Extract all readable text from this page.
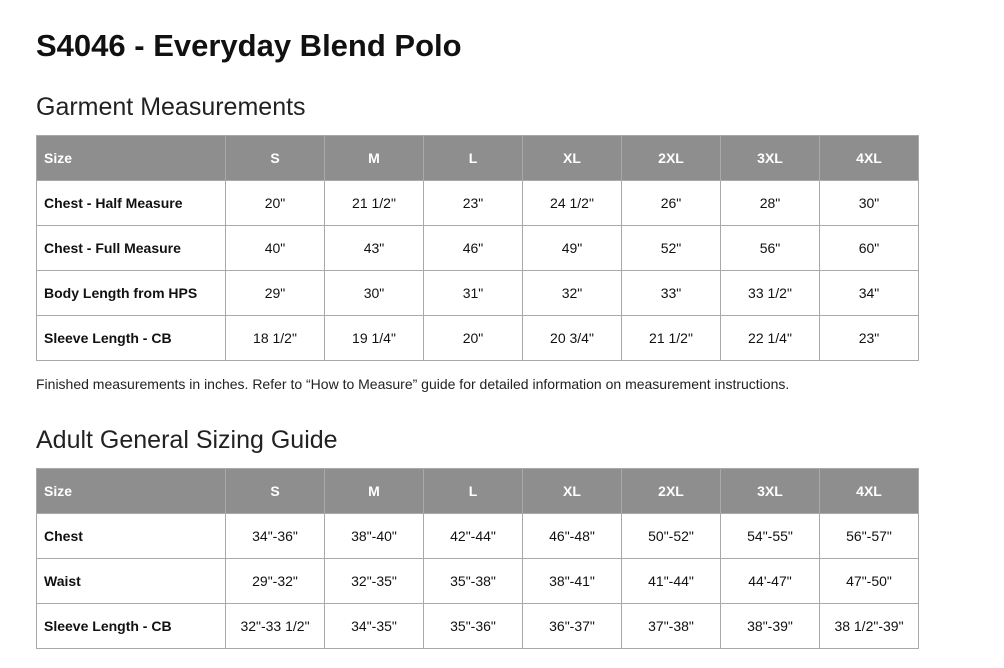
S4046 - Everyday Blend Polo
Garment Measurements
Size	S	M	L	XL	2XL	3XL	4XL
Chest - Half Measure	20"	21 1/2"	23"	24 1/2"	26"	28"	30"
Chest - Full Measure	40"	43"	46"	49"	52"	56"	60"
Body Length from HPS	29"	30"	31"	32"	33"	33 1/2"	34"
Sleeve Length - CB	18 1/2"	19 1/4"	20"	20 3/4"	21 1/2"	22 1/4"	23"

Finished measurements in inches. Refer to “How to Measure” guide for detailed information on measurement instructions.

Adult General Sizing Guide
Size	S	M	L	XL	2XL	3XL	4XL
Chest	34"-36"	38"-40"	42"-44"	46"-48"	50"-52"	54"-55"	56"-57"
Waist	29"-32"	32"-35"	35"-38"	38"-41"	41"-44"	44'-47"	47"-50"
Sleeve Length - CB	32"-33 1/2"	34"-35"	35"-36"	36"-37"	37"-38"	38"-39"	38 1/2"-39"
